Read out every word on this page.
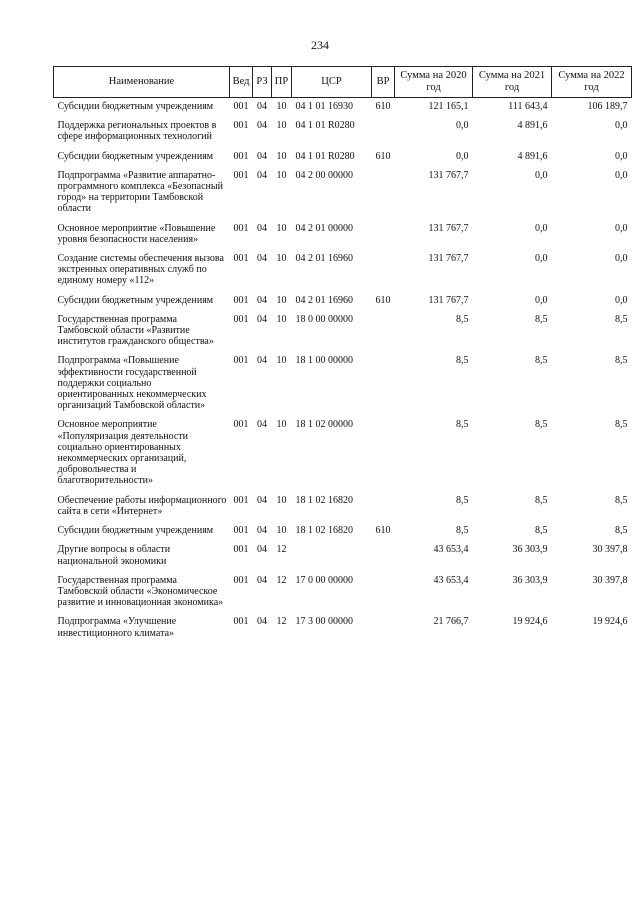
234
Наименование	Вед	РЗ	ПР	ЦСР	ВР	Сумма на 2020 год	Сумма на 2021 год	Сумма на 2022 год
Субсидии бюджетным учреждениям	001	04	10	04 1 01 16930	610	121 165,1	111 643,4	106 189,7
Поддержка региональных проектов в сфере информационных технологий	001	04	10	04 1 01 R0280		0,0	4 891,6	0,0
Субсидии бюджетным учреждениям	001	04	10	04 1 01 R0280	610	0,0	4 891,6	0,0
Подпрограмма «Развитие аппаратно-программного комплекса «Безопасный город» на территории Тамбовской области	001	04	10	04 2 00 00000		131 767,7	0,0	0,0
Основное мероприятие «Повышение уровня безопасности населения»	001	04	10	04 2 01 00000		131 767,7	0,0	0,0
Создание системы обеспечения вызова экстренных оперативных служб по единому номеру «112»	001	04	10	04 2 01 16960		131 767,7	0,0	0,0
Субсидии бюджетным учреждениям	001	04	10	04 2 01 16960	610	131 767,7	0,0	0,0
Государственная программа Тамбовской области «Развитие институтов гражданского общества»	001	04	10	18 0 00 00000		8,5	8,5	8,5
Подпрограмма «Повышение эффективности государственной поддержки социально ориентированных некоммерческих организаций Тамбовской области»	001	04	10	18 1 00 00000		8,5	8,5	8,5
Основное мероприятие «Популяризация деятельности социально ориентированных некоммерческих организаций, добровольчества и благотворительности»	001	04	10	18 1 02 00000		8,5	8,5	8,5
Обеспечение работы информационного сайта в сети «Интернет»	001	04	10	18 1 02 16820		8,5	8,5	8,5
Субсидии бюджетным учреждениям	001	04	10	18 1 02 16820	610	8,5	8,5	8,5
Другие вопросы в области национальной экономики	001	04	12			43 653,4	36 303,9	30 397,8
Государственная программа Тамбовской области «Экономическое развитие и инновационная экономика»	001	04	12	17 0 00 00000		43 653,4	36 303,9	30 397,8
Подпрограмма «Улучшение инвестиционного климата»	001	04	12	17 3 00 00000		21 766,7	19 924,6	19 924,6
